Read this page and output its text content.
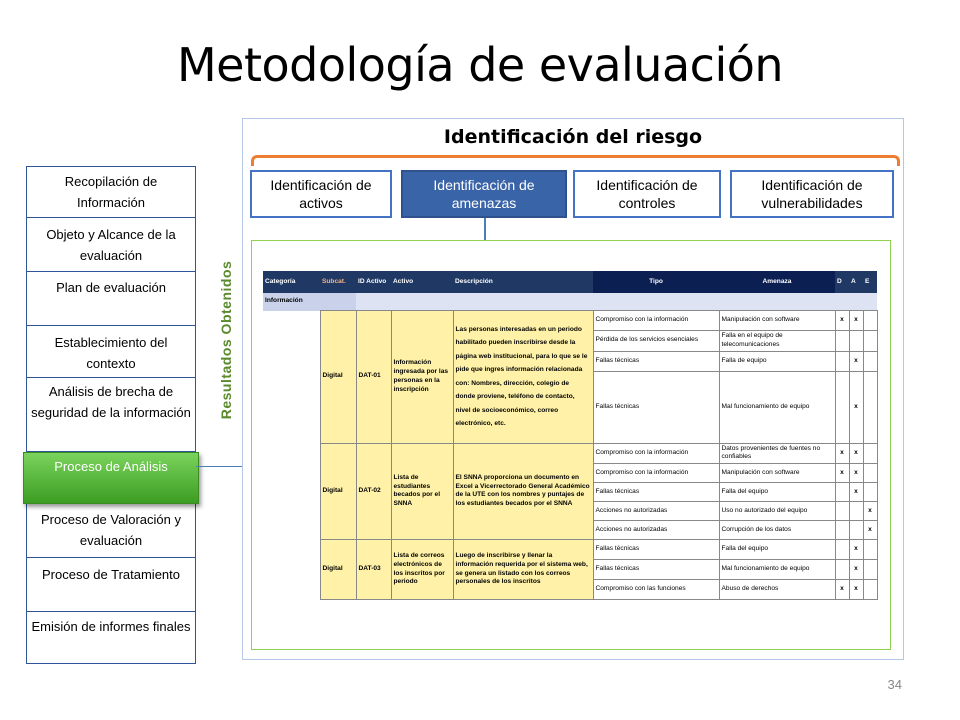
Metodología de evaluación
Recopilación de Información
Objeto y Alcance de la evaluación
Plan de evaluación
Establecimiento del contexto
Análisis de brecha de seguridad de la información
Proceso de Análisis
Proceso de Valoración y evaluación
Proceso de Tratamiento
Emisión de informes finales
Identificación del riesgo
Identificación de activos
Identificación de amenazas
Identificación de controles
Identificación de vulnerabilidades
Resultados Obtenidos	Categoría	Subcat.	ID Activo	Activo	Descripción	Tipo	Amenaza	D	A	E
Información									
	Digital	DAT-01	Información ingresada por las personas en la inscripción	Las personas interesadas en un periodo habilitado pueden inscribirse desde la página web institucional, para lo que se le pide que ingres información relacionada con: Nombres, dirección, colegio de donde proviene, teléfono de contacto, nivel de socioeconómico, correo electrónico, etc.	Compromiso con la información	Manipulación con software	x	x	
					Pérdida de los servicios esenciales	Falla en el equipo de telecomunicaciones			
					Fallas técnicas	Falla de equipo		x	
					Fallas técnicas	Mal funcionamiento de equipo		x	
	Digital	DAT-02	Lista de estudiantes becados por el SNNA	El SNNA proporciona un documento en Excel a Vicerrectorado General Académico de la UTE con los nombres y puntajes de los estudiantes becados por el SNNA	Compromiso con la información	Datos provenientes de fuentes no confiables	x	x	
					Compromiso con la información	Manipulación con software	x	x	
					Fallas técnicas	Falla del equipo		x	
					Acciones no autorizadas	Uso no autorizado del equipo			x
					Acciones no autorizadas	Corrupción de los datos			x
	Digital	DAT-03	Lista de correos electrónicos de los inscritos por periodo	Luego de inscribirse y llenar la información requerida por el sistema web, se genera un listado con los correos personales de los inscritos	Fallas técnicas	Falla del equipo		x	
					Fallas técnicas	Mal funcionamiento de equipo		x	
					Compromiso con las funciones	Abuso de derechos	x	x	
34
